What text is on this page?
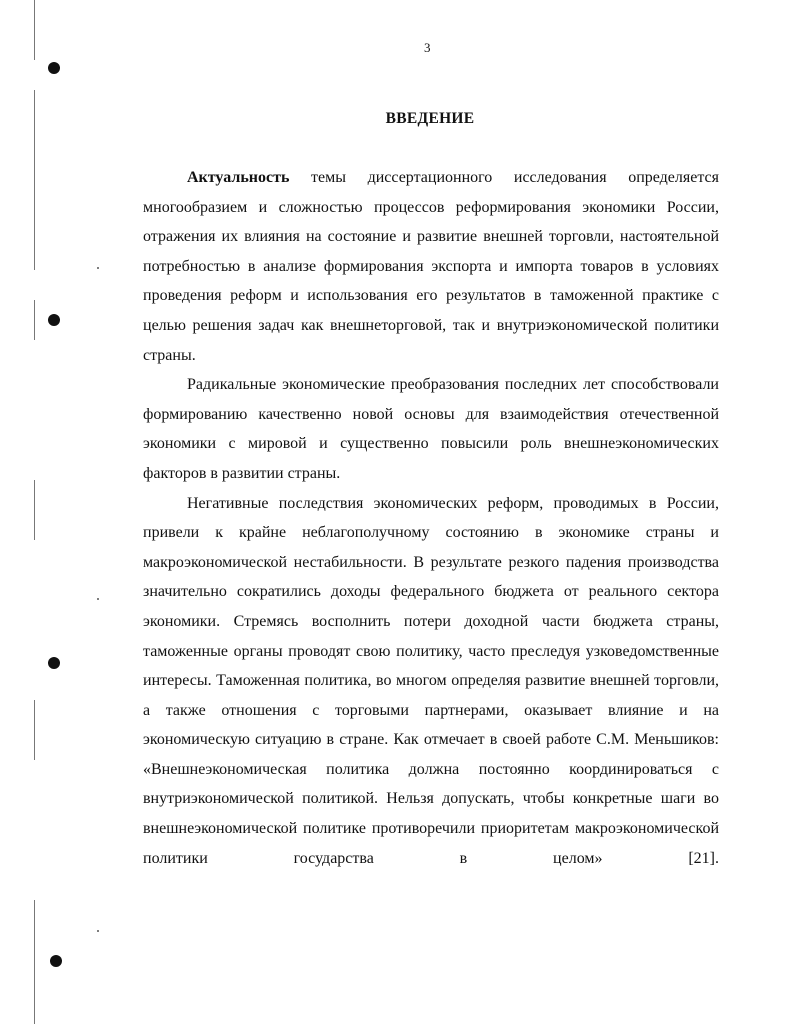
3
ВВЕДЕНИЕ

Актуальность темы диссертационного исследования определяется многообразием и сложностью процессов реформирования экономики России, отражения их влияния на состояние и развитие внешней торговли, настоятельной потребностью в анализе формирования экспорта и импорта товаров в условиях проведения реформ и использования его результатов в таможенной практике с целью решения задач как внешнеторговой, так и внутриэкономической политики страны.

Радикальные экономические преобразования последних лет способствовали формированию качественно новой основы для взаимодействия отечественной экономики с мировой и существенно повысили роль внешнеэкономических факторов в развитии страны.

Негативные последствия экономических реформ, проводимых в России, привели к крайне неблагополучному состоянию в экономике страны и макроэкономической нестабильности. В результате резкого падения производства значительно сократились доходы федерального бюджета от реального сектора экономики. Стремясь восполнить потери доходной части бюджета страны, таможенные органы проводят свою политику, часто преследуя узковедомственные интересы. Таможенная политика, во многом определяя развитие внешней торговли, а также отношения с торговыми партнерами, оказывает влияние и на экономическую ситуацию в стране. Как отмечает в своей работе С.М. Меньшиков: «Внешнеэкономическая политика должна постоянно координироваться с внутриэкономической политикой. Нельзя допускать, чтобы конкретные шаги во внешнеэкономической политике противоречили приоритетам макроэкономической политики государства в целом» [21].
